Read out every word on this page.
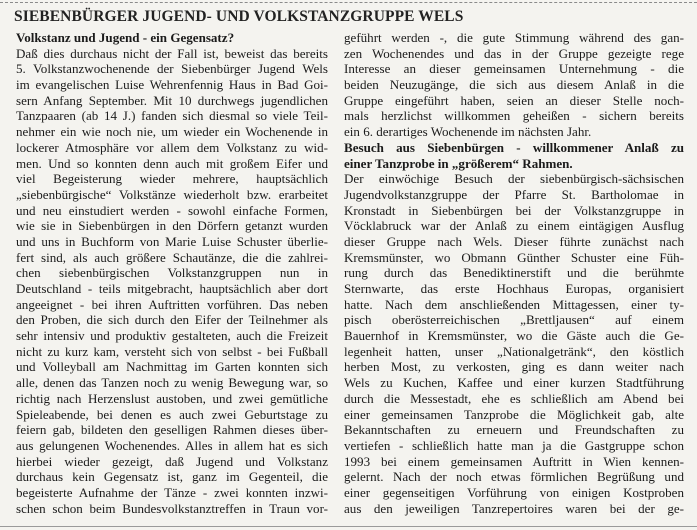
SIEBENBÜRGER JUGEND- UND VOLKSTANZGRUPPE WELS
Volkstanz und Jugend - ein Gegensatz?
Daß dies durchaus nicht der Fall ist, beweist das bereits
5. Volkstanzwochenende der Siebenbürger Jugend Wels
im evangelischen Luise Wehrenfennig Haus in Bad Goi-
sern Anfang September. Mit 10 durchwegs jugendlichen
Tanzpaaren (ab 14 J.) fanden sich diesmal so viele Teil-
nehmer ein wie noch nie, um wieder ein Wochenende in
lockerer Atmosphäre vor allem dem Volkstanz zu wid-
men. Und so konnten denn auch mit großem Eifer und
viel Begeisterung wieder mehrere, hauptsächlich
„siebenbürgische“ Volkstänze wiederholt bzw. erarbeitet
und neu einstudiert werden - sowohl einfache Formen,
wie sie in Siebenbürgen in den Dörfern getanzt wurden
und uns in Buchform von Marie Luise Schuster überlie-
fert sind, als auch größere Schautänze, die die zahlrei-
chen siebenbürgischen Volkstanzgruppen nun in
Deutschland - teils mitgebracht, hauptsächlich aber dort
angeeignet - bei ihren Auftritten vorführen. Das neben
den Proben, die sich durch den Eifer der Teilnehmer als
sehr intensiv und produktiv gestalteten, auch die Freizeit
nicht zu kurz kam, versteht sich von selbst - bei Fußball
und Volleyball am Nachmittag im Garten konnten sich
alle, denen das Tanzen noch zu wenig Bewegung war, so
richtig nach Herzenslust austoben, und zwei gemütliche
Spieleabende, bei denen es auch zwei Geburtstage zu
feiern gab, bildeten den geselligen Rahmen dieses über-
aus gelungenen Wochenendes. Alles in allem hat es sich
hierbei wieder gezeigt, daß Jugend und Volkstanz
durchaus kein Gegensatz ist, ganz im Gegenteil, die
begeisterte Aufnahme der Tänze - zwei konnten inzwi-
schen schon beim Bundesvolkstanztreffen in Traun vor-
geführt werden -, die gute Stimmung während des gan-
zen Wochenendes und das in der Gruppe gezeigte rege
Interesse an dieser gemeinsamen Unternehmung - die
beiden Neuzugänge, die sich aus diesem Anlaß in die
Gruppe eingeführt haben, seien an dieser Stelle noch-
mals herzlichst willkommen geheißen - sichern bereits
ein 6. derartiges Wochenende im nächsten Jahr.
Besuch aus Siebenbürgen - willkommener Anlaß zu
einer Tanzprobe in „größerem“ Rahmen.
Der einwöchige Besuch der siebenbürgisch-sächsischen
Jugendvolkstanzgruppe der Pfarre St. Bartholomae in
Kronstadt in Siebenbürgen bei der Volkstanzgruppe in
Vöcklabruck war der Anlaß zu einem eintägigen Ausflug
dieser Gruppe nach Wels. Dieser führte zunächst nach
Kremsmünster, wo Obmann Günther Schuster eine Füh-
rung durch das Benediktinerstift und die berühmte
Sternwarte, das erste Hochhaus Europas, organisiert
hatte. Nach dem anschließenden Mittagessen, einer ty-
pisch oberösterreichischen „Brettljausen“ auf einem
Bauernhof in Kremsmünster, wo die Gäste auch die Ge-
legenheit hatten, unser „Nationalgetränk“, den köstlich
herben Most, zu verkosten, ging es dann weiter nach
Wels zu Kuchen, Kaffee und einer kurzen Stadtführung
durch die Messestadt, ehe es schließlich am Abend bei
einer gemeinsamen Tanzprobe die Möglichkeit gab, alte
Bekanntschaften zu erneuern und Freundschaften zu
vertiefen - schließlich hatte man ja die Gastgruppe schon
1993 bei einem gemeinsamen Auftritt in Wien kennen-
gelernt. Nach der noch etwas förmlichen Begrüßung und
einer gegenseitigen Vorführung von einigen Kostproben
aus den jeweiligen Tanzrepertoires waren bei der ge-
